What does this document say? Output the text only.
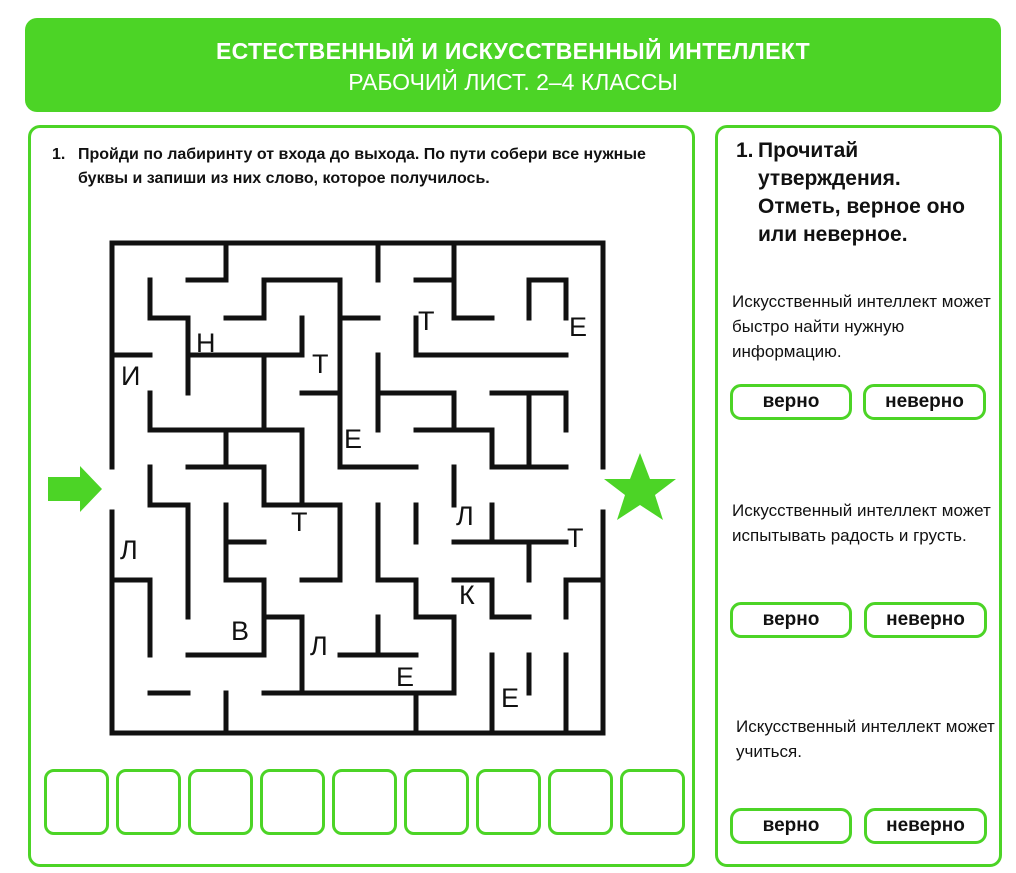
ЕСТЕСТВЕННЫЙ И ИСКУССТВЕННЫЙ ИНТЕЛЛЕКТ
РАБОЧИЙ ЛИСТ. 2–4 КЛАССЫ
1. Пройди по лабиринту от входа до выхода. По пути собери все нужные буквы и запиши из них слово, которое получилось.
Н
И	Т
Т	Е
Е
Т	Л
Л	Т
К
В Л
Е
Е
1. Прочитай утверждения. Отметь, верное оно или неверное.
Искусственный интеллект может быстро найти нужную информацию.
верно	неверно
Искусственный интеллект может испытывать радость и грусть.
верно	неверно
Искусственный интеллект может учиться.
верно	неверно
